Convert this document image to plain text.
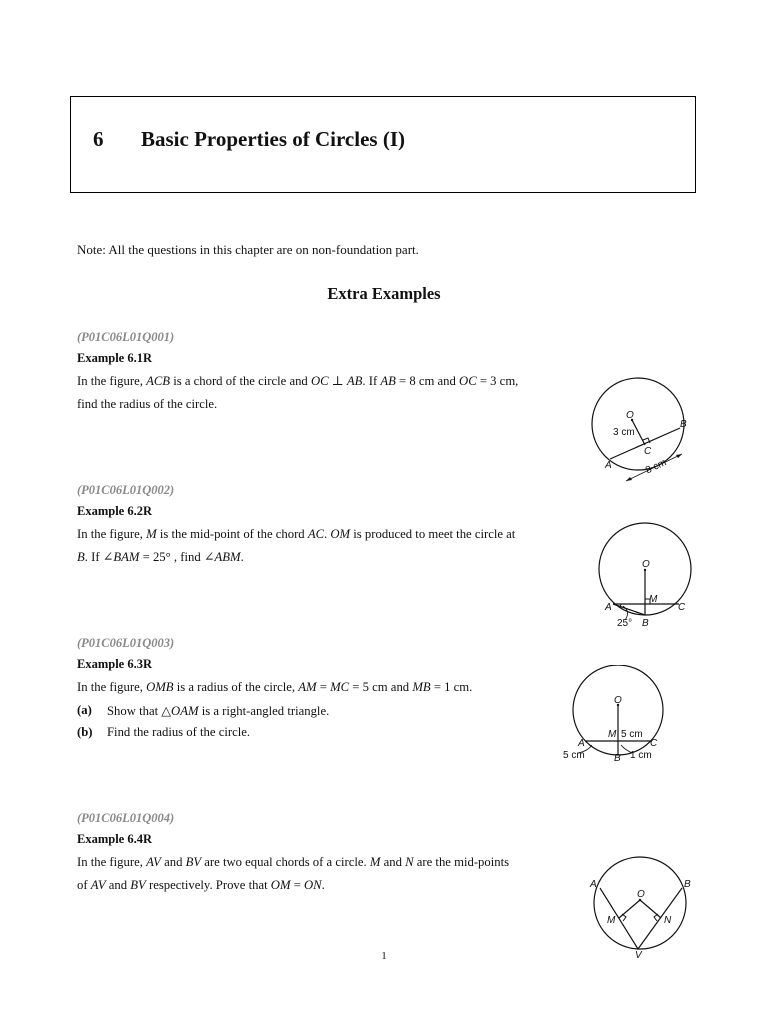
6 Basic Properties of Circles (I)
Note: All the questions in this chapter are on non-foundation part.
Extra Examples
(P01C06L01Q001)
Example 6.1R
In the figure, ACB is a chord of the circle and OC ⊥ AB. If AB = 8 cm and OC = 3 cm,
find the radius of the circle.
O
C
A
B
3 cm
8 cm
(P01C06L01Q002)
Example 6.2R
In the figure, M is the mid-point of the chord AC. OM is produced to meet the circle at
B. If ∠BAM = 25° , find ∠ABM.
O
M
A	C
B
25°
(P01C06L01Q003)
Example 6.3R
In the figure, OMB is a radius of the circle, AM = MC = 5 cm and MB = 1 cm.
(a) Show that △OAM is a right-angled triangle.
(b) Find the radius of the circle.
O
M 5 cm
A	C
5 cm	B 1 cm
(P01C06L01Q004)
Example 6.4R
In the figure, AV and BV are two equal chords of a circle. M and N are the mid-points
of AV and BV respectively. Prove that OM = ON.	A	B
O
M	N
V
1
